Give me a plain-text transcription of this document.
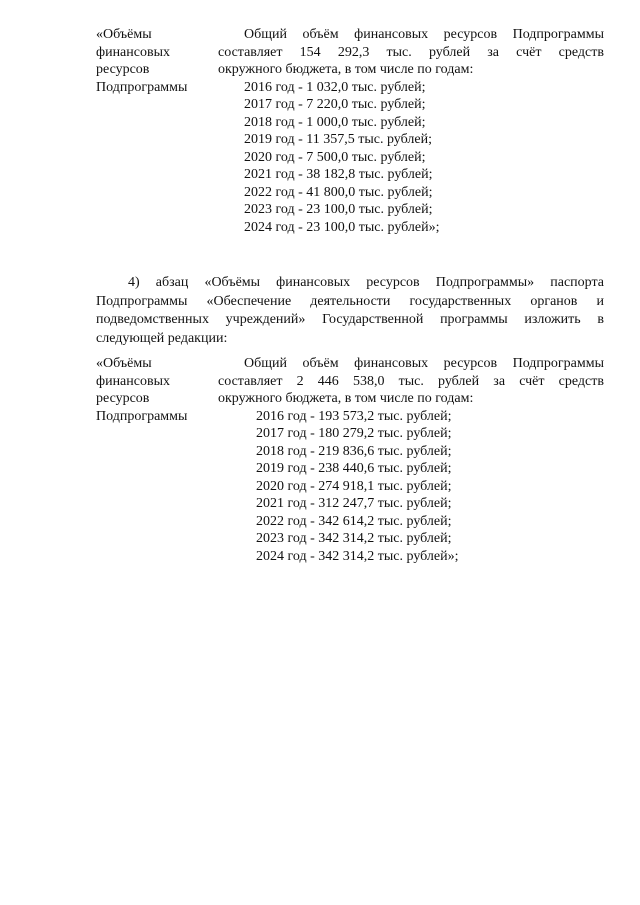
«Объёмы
финансовых
ресурсов
Подпрограммы
Общий объём финансовых ресурсов Подпрограммы
составляет 154 292,3 тыс. рублей за счёт средств
окружного бюджета, в том числе по годам:
2016 год - 1 032,0 тыс. рублей;
2017 год - 7 220,0 тыс. рублей;
2018 год - 1 000,0 тыс. рублей;
2019 год - 11 357,5 тыс. рублей;
2020 год - 7 500,0 тыс. рублей;
2021 год - 38 182,8 тыс. рублей;
2022 год - 41 800,0 тыс. рублей;
2023 год - 23 100,0 тыс. рублей;
2024 год - 23 100,0 тыс. рублей»;
4) абзац «Объёмы финансовых ресурсов Подпрограммы» паспорта
Подпрограммы «Обеспечение деятельности государственных органов и
подведомственных учреждений» Государственной программы изложить в
следующей редакции:
«Объёмы
финансовых
ресурсов
Подпрограммы
Общий объём финансовых ресурсов Подпрограммы
составляет 2 446 538,0 тыс. рублей за счёт средств
окружного бюджета, в том числе по годам:
2016 год - 193 573,2 тыс. рублей;
2017 год - 180 279,2 тыс. рублей;
2018 год - 219 836,6 тыс. рублей;
2019 год - 238 440,6 тыс. рублей;
2020 год - 274 918,1 тыс. рублей;
2021 год - 312 247,7 тыс. рублей;
2022 год - 342 614,2 тыс. рублей;
2023 год - 342 314,2 тыс. рублей;
2024 год - 342 314,2 тыс. рублей»;
